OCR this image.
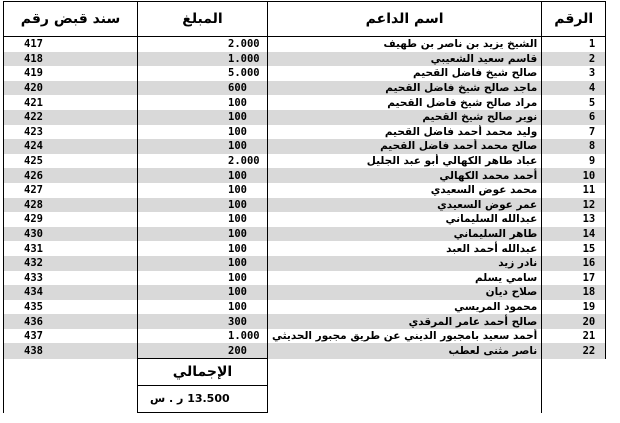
الرقم	اسم الداعم	المبلغ	سند قبض رقم
1	الشيخ يزيد بن ناصر بن طهيف	2.000	417
2	قاسم سعيد الشعيبي	1.000	418
3	صالح شيخ فاضل القحيم	5.000	419
4	ماجد صالح شيخ فاضل القحيم	600	420
5	مراد صالح شيخ فاضل القحيم	100	421
6	نوير صالح شيخ القحيم	100	422
7	وليد محمد أحمد فاضل القحيم	100	423
8	صالح محمد أحمد فاضل القحيم	100	424
9	عباد طاهر الكهالي أبو عبد الجليل	2.000	425
10	أحمد محمد الكهالي	100	426
11	محمد عوض السعيدي	100	427
12	عمر عوض السعيدي	100	428
13	عبدالله السليماني	100	429
14	طاهر السليماني	100	430
15	عبدالله أحمد العبد	100	431
16	نادر زيد	100	432
17	سامي يسلم	100	433
18	صلاح ديان	100	434
19	محمود المريسي	100	435
20	صالح أحمد عامر المرقدي	300	436
21	أحمد سعيد بامجبور الديني عن طريق مجبور الحديثي	1.000	437
22	ناصر مثنى لعطب	200	438
		الإجمالي	
		13.500 ر . س	
